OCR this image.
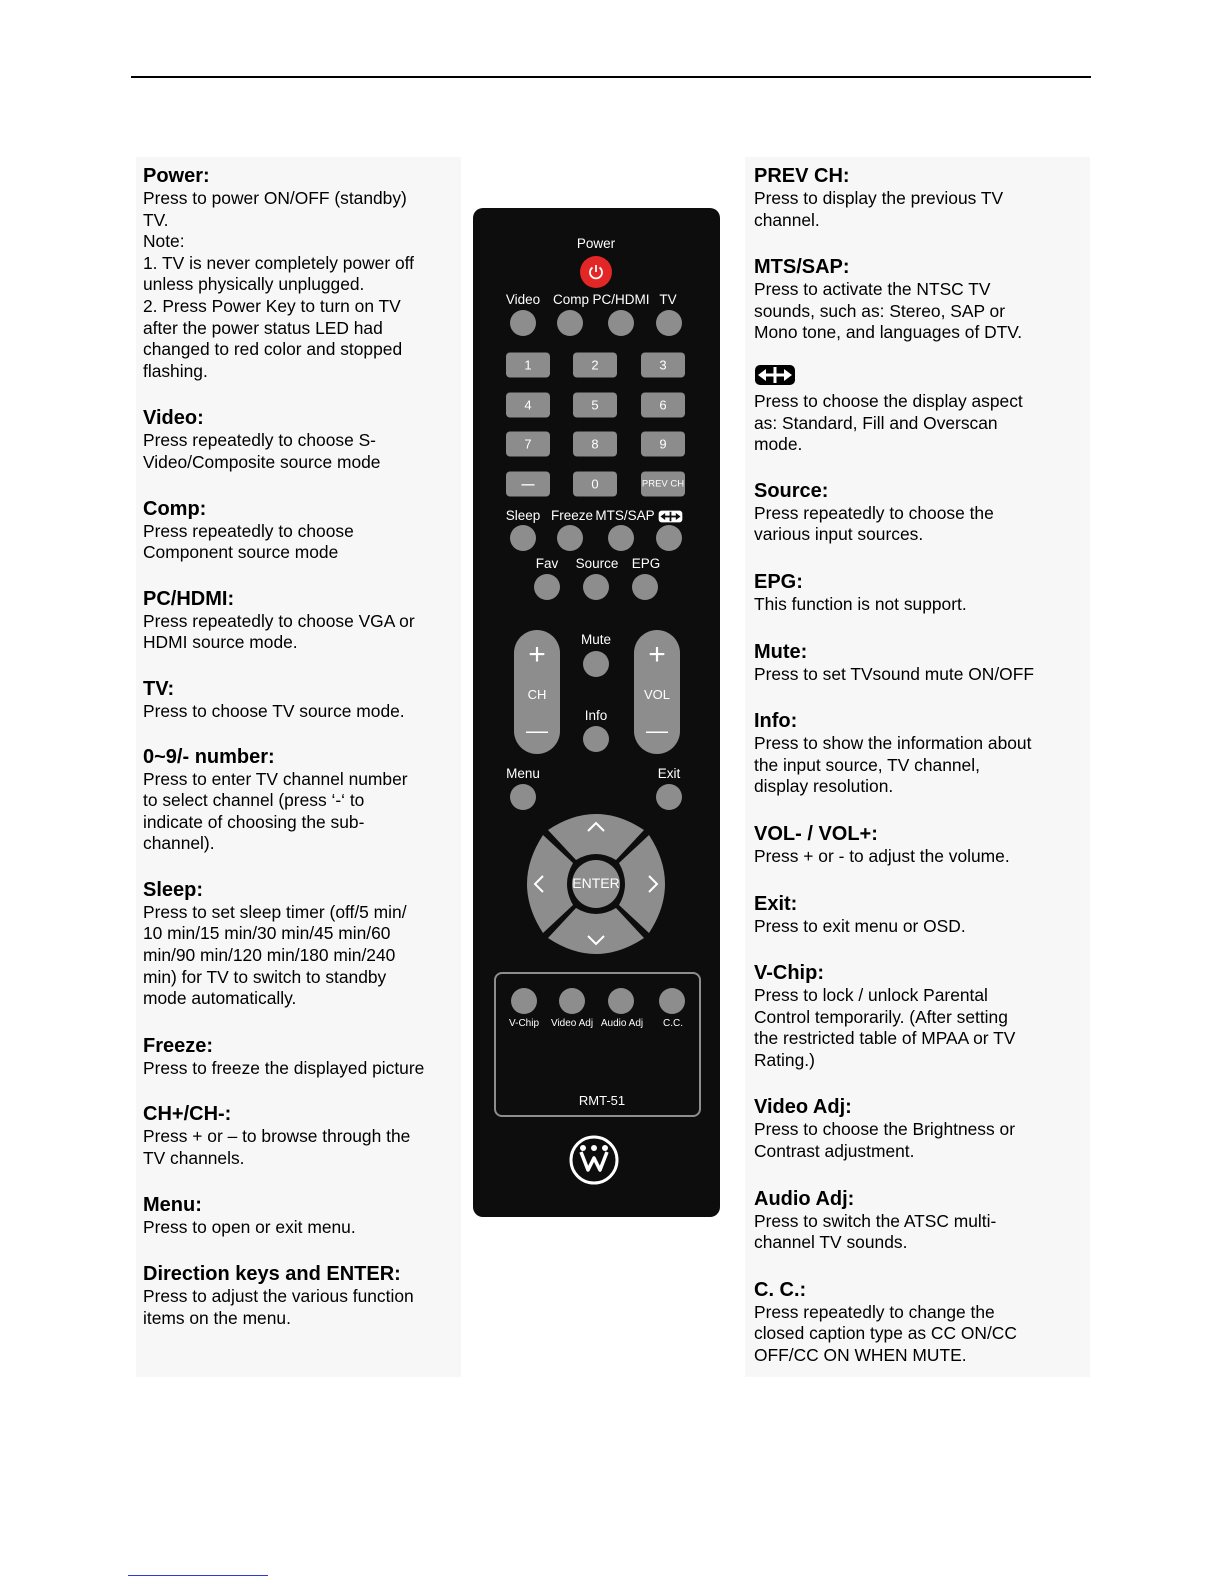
Power:

Press to power ON/OFF (standby)
TV.
Note:
1. TV is never completely power off
unless physically unplugged.
2. Press Power Key to turn on TV
after the power status LED had
changed to red color and stopped
flashing.

Video:

Press repeatedly to choose S-
Video/Composite source mode

Comp:

Press repeatedly to choose
Component source mode

PC/HDMI:

Press repeatedly to choose VGA or
HDMI source mode.

TV:

Press to choose TV source mode.

0~9/- number:

Press to enter TV channel number
to select channel (press ‘-‘ to
indicate of choosing the sub-
channel).

Sleep:

Press to set sleep timer (off/5 min/
10 min/15 min/30 min/45 min/60
min/90 min/120 min/180 min/240
min) for TV to switch to standby
mode automatically.

Freeze:

Press to freeze the displayed picture

CH+/CH-:

Press + or – to browse through the
TV channels.

Menu:

Press to open or exit menu.

Direction keys and ENTER:

Press to adjust the various function
items on the menu.

PREV CH:

Press to display the previous TV
channel.

MTS/SAP:

Press to activate the NTSC TV
sounds, such as: Stereo, SAP or
Mono tone, and languages of DTV.

Press to choose the display aspect
as: Standard, Fill and Overscan
mode.

Source:

Press repeatedly to choose the
various input sources.

EPG:

This function is not support.

Mute:

Press to set TVsound mute ON/OFF

Info:

Press to show the information about
the input source, TV channel,
display resolution.

VOL- / VOL+:

Press + or - to adjust the volume.

Exit:

Press to exit menu or OSD.

V-Chip:

Press to lock / unlock Parental
Control temporarily. (After setting
the restricted table of MPAA or TV
Rating.)

Video Adj:

Press to choose the Brightness or
Contrast adjustment.

Audio Adj:

Press to switch the ATSC multi-
channel TV sounds.

C. C.:

Press repeatedly to change the
closed caption type as CC ON/CC
OFF/CC ON WHEN MUTE.

Power
Video Comp PC/HDMI TV
1	2	3
4	5	6
7	8	9
—	0	PREV CH
Sleep Freeze MTS/SAP
Fav Source EPG
+
CH
—
+
VOL
—
Mute
Info
Menu	Exit
ENTER
V-Chip Video Adj Audio Adj C.C.
RMT-51
